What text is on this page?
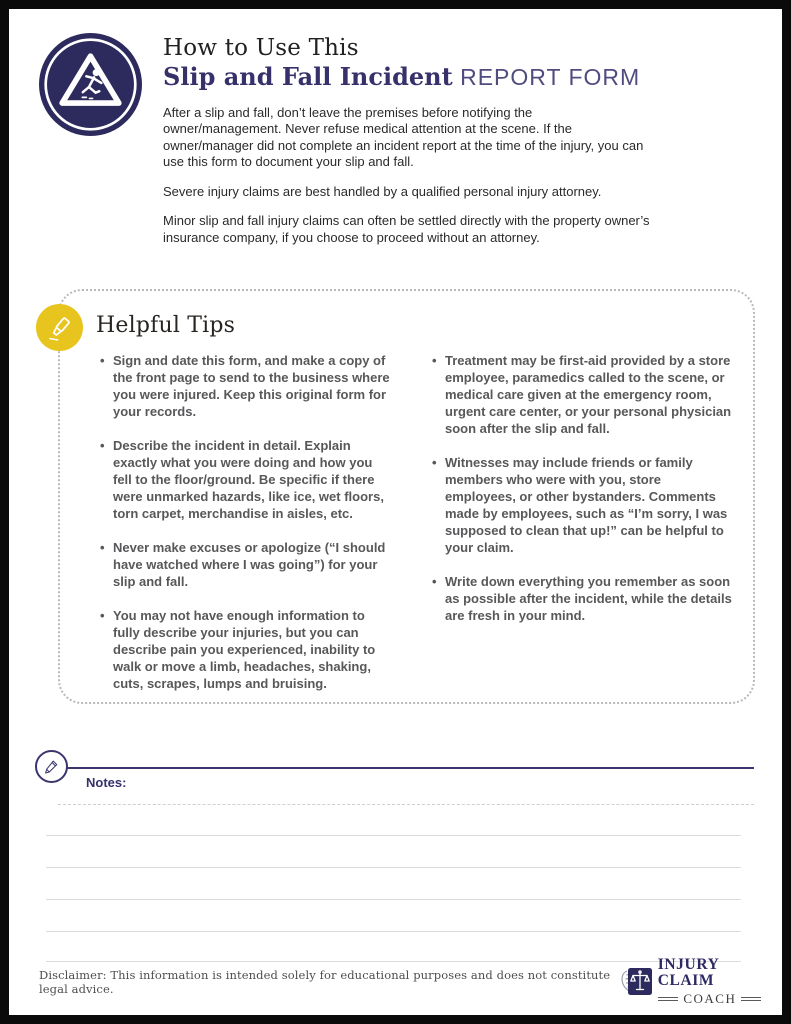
How to Use This
Slip and Fall Incident REPORT FORM

After a slip and fall, don’t leave the premises before notifying the owner/management. Never refuse medical attention at the scene. If the owner/manager did not complete an incident report at the time of the injury, you can use this form to document your slip and fall.

Severe injury claims are best handled by a qualified personal injury attorney.

Minor slip and fall injury claims can often be settled directly with the property owner’s insurance company, if you choose to proceed without an attorney.

Helpful Tips
• Sign and date this form, and make a copy of the front page to send to the business where you were injured. Keep this original form for your records.
• Describe the incident in detail. Explain exactly what you were doing and how you fell to the floor/ground. Be specific if there were unmarked hazards, like ice, wet floors, torn carpet, merchandise in aisles, etc.
• Never make excuses or apologize (“I should have watched where I was going”) for your slip and fall.
• You may not have enough information to fully describe your injuries, but you can describe pain you experienced, inability to walk or move a limb, headaches, shaking, cuts, scrapes, lumps and bruising.
• Treatment may be first-aid provided by a store employee, paramedics called to the scene, or medical care given at the emergency room, urgent care center, or your personal physician soon after the slip and fall.
• Witnesses may include friends or family members who were with you, store employees, or other bystanders. Comments made by employees, such as “I’m sorry, I was supposed to clean that up!” can be helpful to your claim.
• Write down everything you remember as soon as possible after the incident, while the details are fresh in your mind.
Notes:
Disclaimer: This information is intended solely for educational purposes and does not constitute legal advice.
INJURY CLAIM
COACH
